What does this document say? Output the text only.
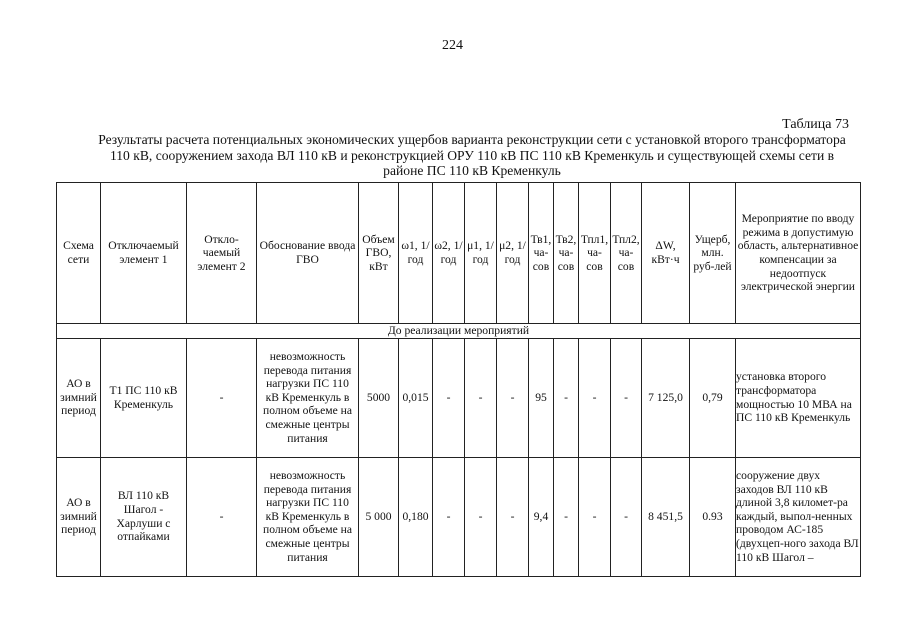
224
Таблица 73
Результаты расчета потенциальных экономических ущербов варианта реконструкции сети с установкой второго трансформатора 110 кВ, сооружением захода ВЛ 110 кВ и реконструкцией ОРУ 110 кВ ПС 110 кВ Кременкуль и существующей схемы сети в районе ПС 110 кВ Кременкуль
Схема сети	Отключаемый элемент 1	Откло-чаемый элемент 2	Обоснование ввода ГВО	Объем ГВО, кВт	ω1, 1/год	ω2, 1/год	μ1, 1/год	μ2, 1/год	Тв1, ча-сов	Тв2, ча-сов	Тпл1, ча-сов	Тпл2, ча-сов	ΔW, кВт·ч	Ущерб, млн. руб-лей	Мероприятие по вводу режима в допустимую область, альтернативное компенсации за недоотпуск электрической энергии
До реализации мероприятий															
АО в зимний период	Т1 ПС 110 кВ Кременкуль	-	невозможность перевода питания нагрузки ПС 110 кВ Кременкуль в полном объеме на смежные центры питания	5000	0,015	-	-	-	95	-	-	-	7 125,0	0,79	установка второго трансформатора мощностью 10 МВА на ПС 110 кВ Кременкуль
АО в зимний период	ВЛ 110 кВ Шагол - Харлуши с отпайками	-	невозможность перевода питания нагрузки ПС 110 кВ Кременкуль в полном объеме на смежные центры питания	5 000	0,180	-	-	-	9,4	-	-	-	8 451,5	0.93	сооружение двух заходов ВЛ 110 кВ длиной 3,8 километ-ра каждый, выпол-ненных проводом АС-185 (двухцеп-ного захода ВЛ 110 кВ Шагол –
